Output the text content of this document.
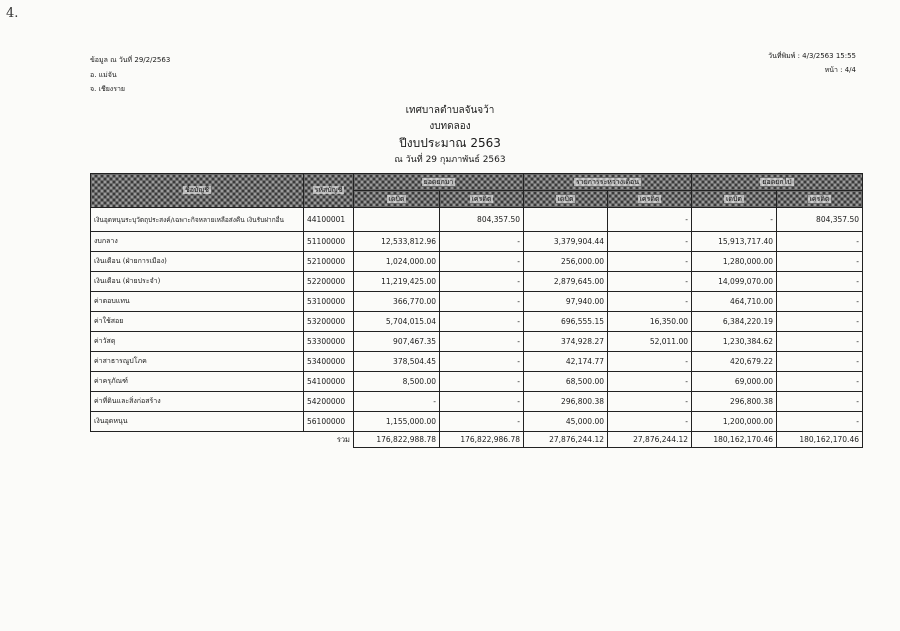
4.
ข้อมูล ณ วันที่ 29/2/2563
อ. แม่จัน
จ. เชียงราย
วันที่พิมพ์ : 4/3/2563 15:55
หน้า : 4/4
เทศบาลตำบลจันจว้า
งบทดลอง
ปีงบประมาณ 2563
ณ วันที่ 29 กุมภาพันธ์ 2563
ชื่อบัญชี	รหัสบัญชี	ยอดยกมา		รายการระหว่างเดือน		ยอดยกไป	
		เดบิต	เครดิต	เดบิต	เครดิต	เดบิต	เครดิต
เงินอุดหนุนระบุวัตถุประสงค์/เฉพาะกิจหลายเหลือส่งคืน เงินรับฝากอื่น	44100001		804,357.50		-	-	804,357.50
งบกลาง	51100000	12,533,812.96	-	3,379,904.44	-	15,913,717.40	-
เงินเดือน (ฝ่ายการเมือง)	52100000	1,024,000.00	-	256,000.00	-	1,280,000.00	-
เงินเดือน (ฝ่ายประจำ)	52200000	11,219,425.00	-	2,879,645.00	-	14,099,070.00	-
ค่าตอบแทน	53100000	366,770.00	-	97,940.00	-	464,710.00	-
ค่าใช้สอย	53200000	5,704,015.04	-	696,555.15	16,350.00	6,384,220.19	-
ค่าวัสดุ	53300000	907,467.35	-	374,928.27	52,011.00	1,230,384.62	-
ค่าสาธารณูปโภค	53400000	378,504.45	-	42,174.77	-	420,679.22	-
ค่าครุภัณฑ์	54100000	8,500.00	-	68,500.00	-	69,000.00	-
ค่าที่ดินและสิ่งก่อสร้าง	54200000	-	-	296,800.38	-	296,800.38	-
เงินอุดหนุน	56100000	1,155,000.00	-	45,000.00	-	1,200,000.00	-
รวม		176,822,988.78	176,822,986.78	27,876,244.12	27,876,244.12	180,162,170.46	180,162,170.46
